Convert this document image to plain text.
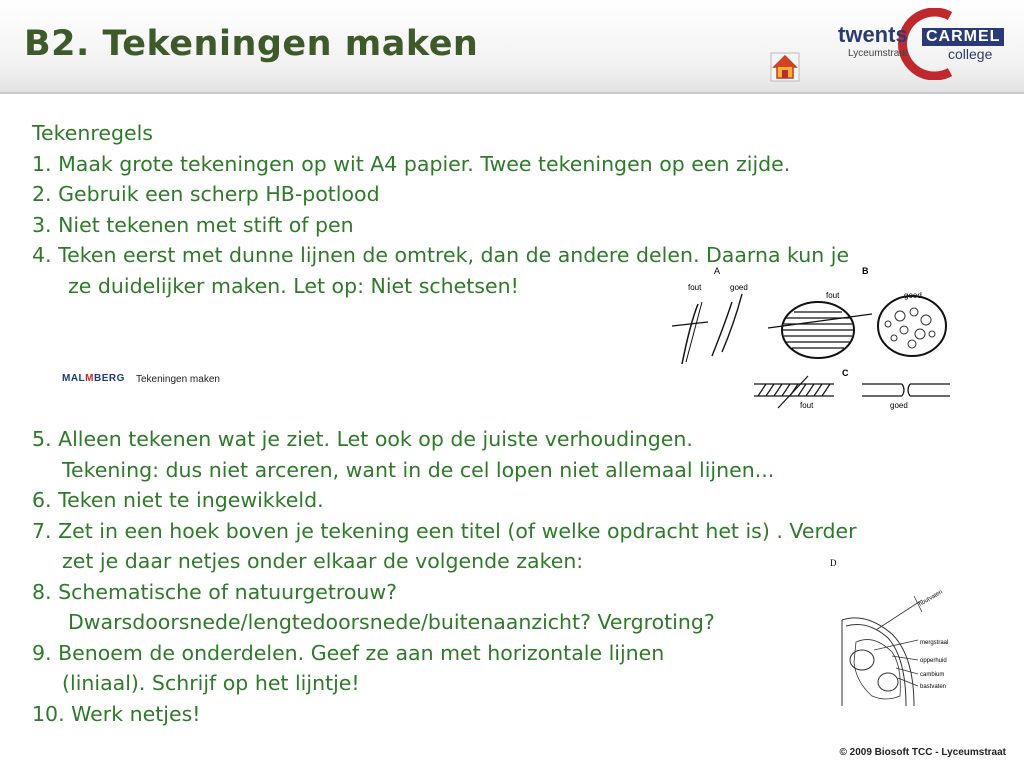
B2. Tekeningen maken	twents
Lyceumstraat
CARMEL
college
Tekenregels
1. Maak grote tekeningen op wit A4 papier. Twee tekeningen op een zijde.
2. Gebruik een scherp HB-potlood
3. Niet tekenen met stift of pen
4. Teken eerst met dunne lijnen de omtrek, dan de andere delen. Daarna kun je
ze duidelijker maken. Let op: Niet schetsen!
MALMBERG Tekeningen maken
A
fout	goed
B
fout	goed
C
fout	goed
5. Alleen tekenen wat je ziet. Let ook op de juiste verhoudingen.
Tekening: dus niet arceren, want in de cel lopen niet allemaal lijnen...
6. Teken niet te ingewikkeld.
7. Zet in een hoek boven je tekening een titel (of welke opdracht het is) . Verder
zet je daar netjes onder elkaar de volgende zaken:
8. Schematische of natuurgetrouw?
Dwarsdoorsnede/lengtedoorsnede/buitenaanzicht? Vergroting?
9. Benoem de onderdelen. Geef ze aan met horizontale lijnen
(liniaal). Schrijf op het lijntje!
10. Werk netjes!
D
houtvaten
mergstraal
opperhuid
cambium
bastvaten
© 2009 Biosoft TCC - Lyceumstraat
